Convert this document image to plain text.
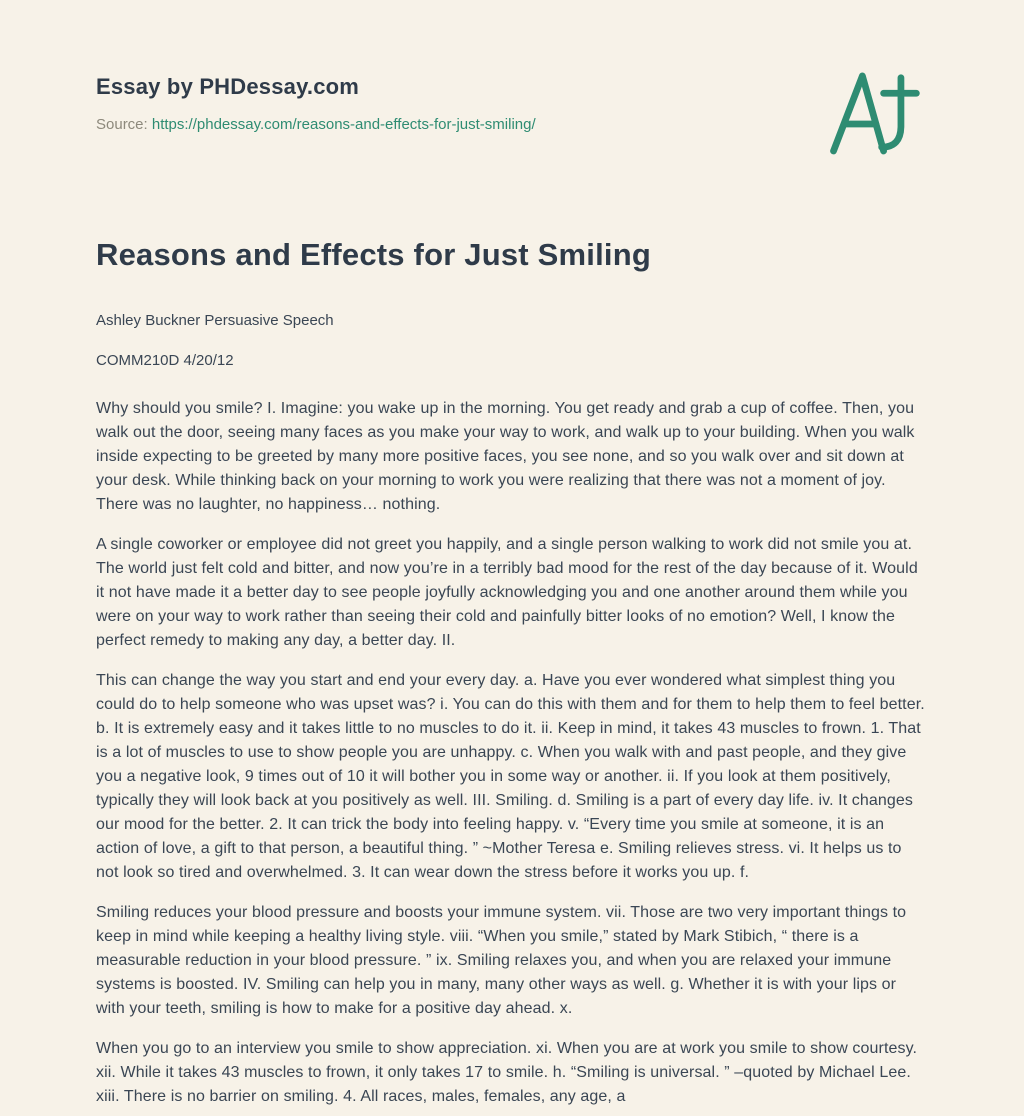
Essay by PHDessay.com
Source: https://phdessay.com/reasons-and-effects-for-just-smiling/
Reasons and Effects for Just Smiling

Ashley Buckner Persuasive Speech

COMM210D 4/20/12

Why should you smile? I. Imagine: you wake up in the morning. You get ready and grab a cup of coffee. Then, you walk out the door, seeing many faces as you make your way to work, and walk up to your building. When you walk inside expecting to be greeted by many more positive faces, you see none, and so you walk over and sit down at your desk. While thinking back on your morning to work you were realizing that there was not a moment of joy. There was no laughter, no happiness… nothing.

A single coworker or employee did not greet you happily, and a single person walking to work did not smile you at. The world just felt cold and bitter, and now you’re in a terribly bad mood for the rest of the day because of it. Would it not have made it a better day to see people joyfully acknowledging you and one another around them while you were on your way to work rather than seeing their cold and painfully bitter looks of no emotion? Well, I know the perfect remedy to making any day, a better day. II.

This can change the way you start and end your every day. a. Have you ever wondered what simplest thing you could do to help someone who was upset was? i. You can do this with them and for them to help them to feel better. b. It is extremely easy and it takes little to no muscles to do it. ii. Keep in mind, it takes 43 muscles to frown. 1. That is a lot of muscles to use to show people you are unhappy. c. When you walk with and past people, and they give you a negative look, 9 times out of 10 it will bother you in some way or another. ii. If you look at them positively, typically they will look back at you positively as well. III. Smiling. d. Smiling is a part of every day life. iv. It changes our mood for the better. 2. It can trick the body into feeling happy. v. “Every time you smile at someone, it is an action of love, a gift to that person, a beautiful thing. ” ~Mother Teresa e. Smiling relieves stress. vi. It helps us to not look so tired and overwhelmed. 3. It can wear down the stress before it works you up. f.

Smiling reduces your blood pressure and boosts your immune system. vii. Those are two very important things to keep in mind while keeping a healthy living style. viii. “When you smile,” stated by Mark Stibich, “ there is a measurable reduction in your blood pressure. ” ix. Smiling relaxes you, and when you are relaxed your immune systems is boosted. IV. Smiling can help you in many, many other ways as well. g. Whether it is with your lips or with your teeth, smiling is how to make for a positive day ahead. x.

When you go to an interview you smile to show appreciation. xi. When you are at work you smile to show courtesy. xii. While it takes 43 muscles to frown, it only takes 17 to smile. h. “Smiling is universal. ” –quoted by Michael Lee. xiii. There is no barrier on smiling. 4. All races, males, females, any age, a
